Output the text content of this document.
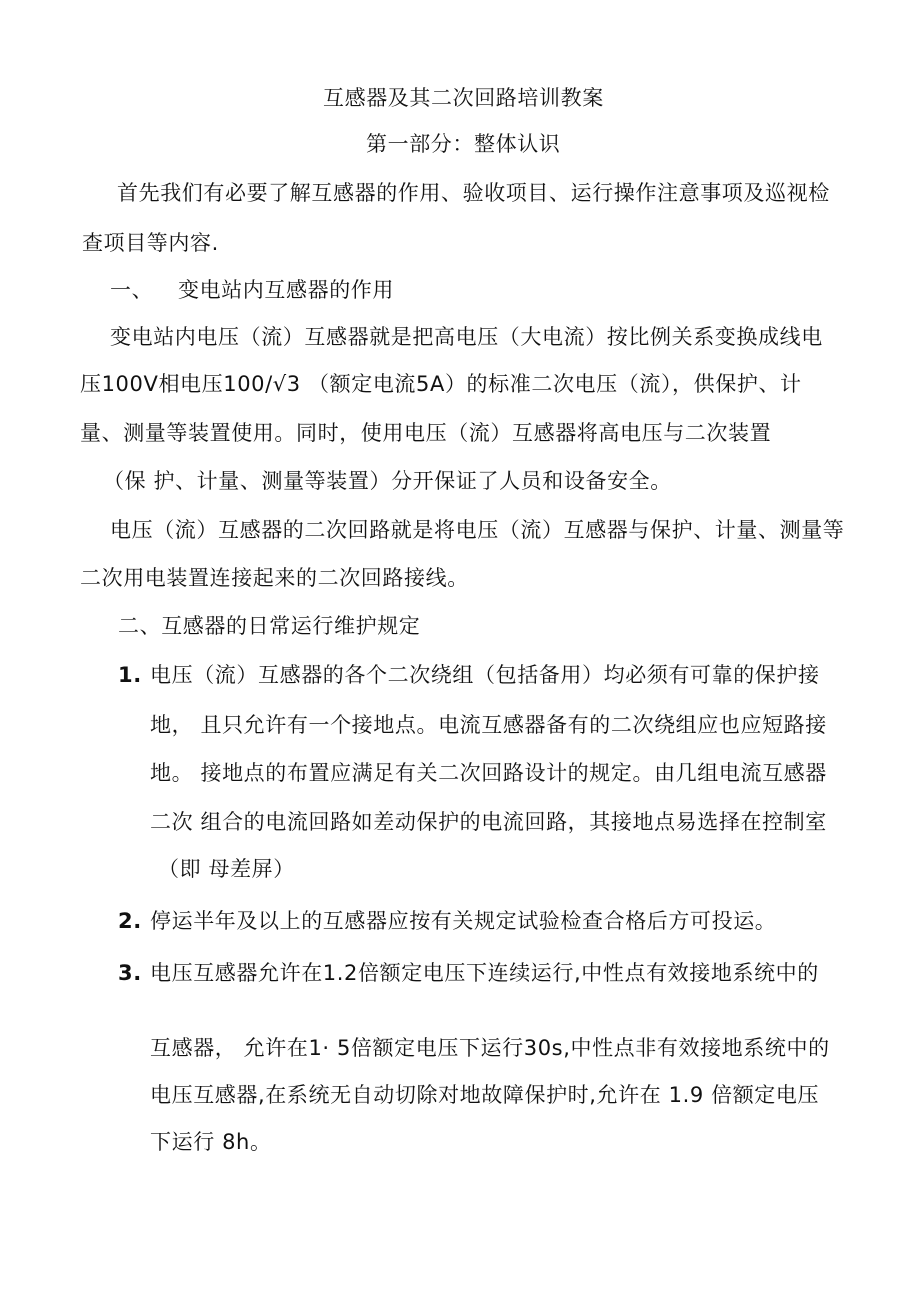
互感器及其二次回路培训教案
第一部分：整体认识
首先我们有必要了解互感器的作用、验收项目、运行操作注意事项及巡视检
查项目等内容.
一、 变电站内互感器的作用
变电站内电压（流）互感器就是把高电压（大电流）按比例关系变换成线电
压100V相电压100/√3 （额定电流5A）的标准二次电压（流），供保护、计
量、测量等装置使用。同时，使用电压（流）互感器将高电压与二次装置
（保 护、计量、测量等装置）分开保证了人员和设备安全。
电压（流）互感器的二次回路就是将电压（流）互感器与保护、计量、测量等
二次用电装置连接起来的二次回路接线。
二、互感器的日常运行维护规定
1. 电压（流）互感器的各个二次绕组（包括备用）均必须有可靠的保护接
地， 且只允许有一个接地点。电流互感器备有的二次绕组应也应短路接
地。 接地点的布置应满足有关二次回路设计的规定。由几组电流互感器
二次 组合的电流回路如差动保护的电流回路，其接地点易选择在控制室
（即 母差屏）
2. 停运半年及以上的互感器应按有关规定试验检查合格后方可投运。
3. 电压互感器允许在1.2倍额定电压下连续运行,中性点有效接地系统中的
互感器， 允许在1· 5倍额定电压下运行30s,中性点非有效接地系统中的
电压互感器,在系统无自动切除对地故障保护时,允许在 1.9 倍额定电压
下运行 8h。
